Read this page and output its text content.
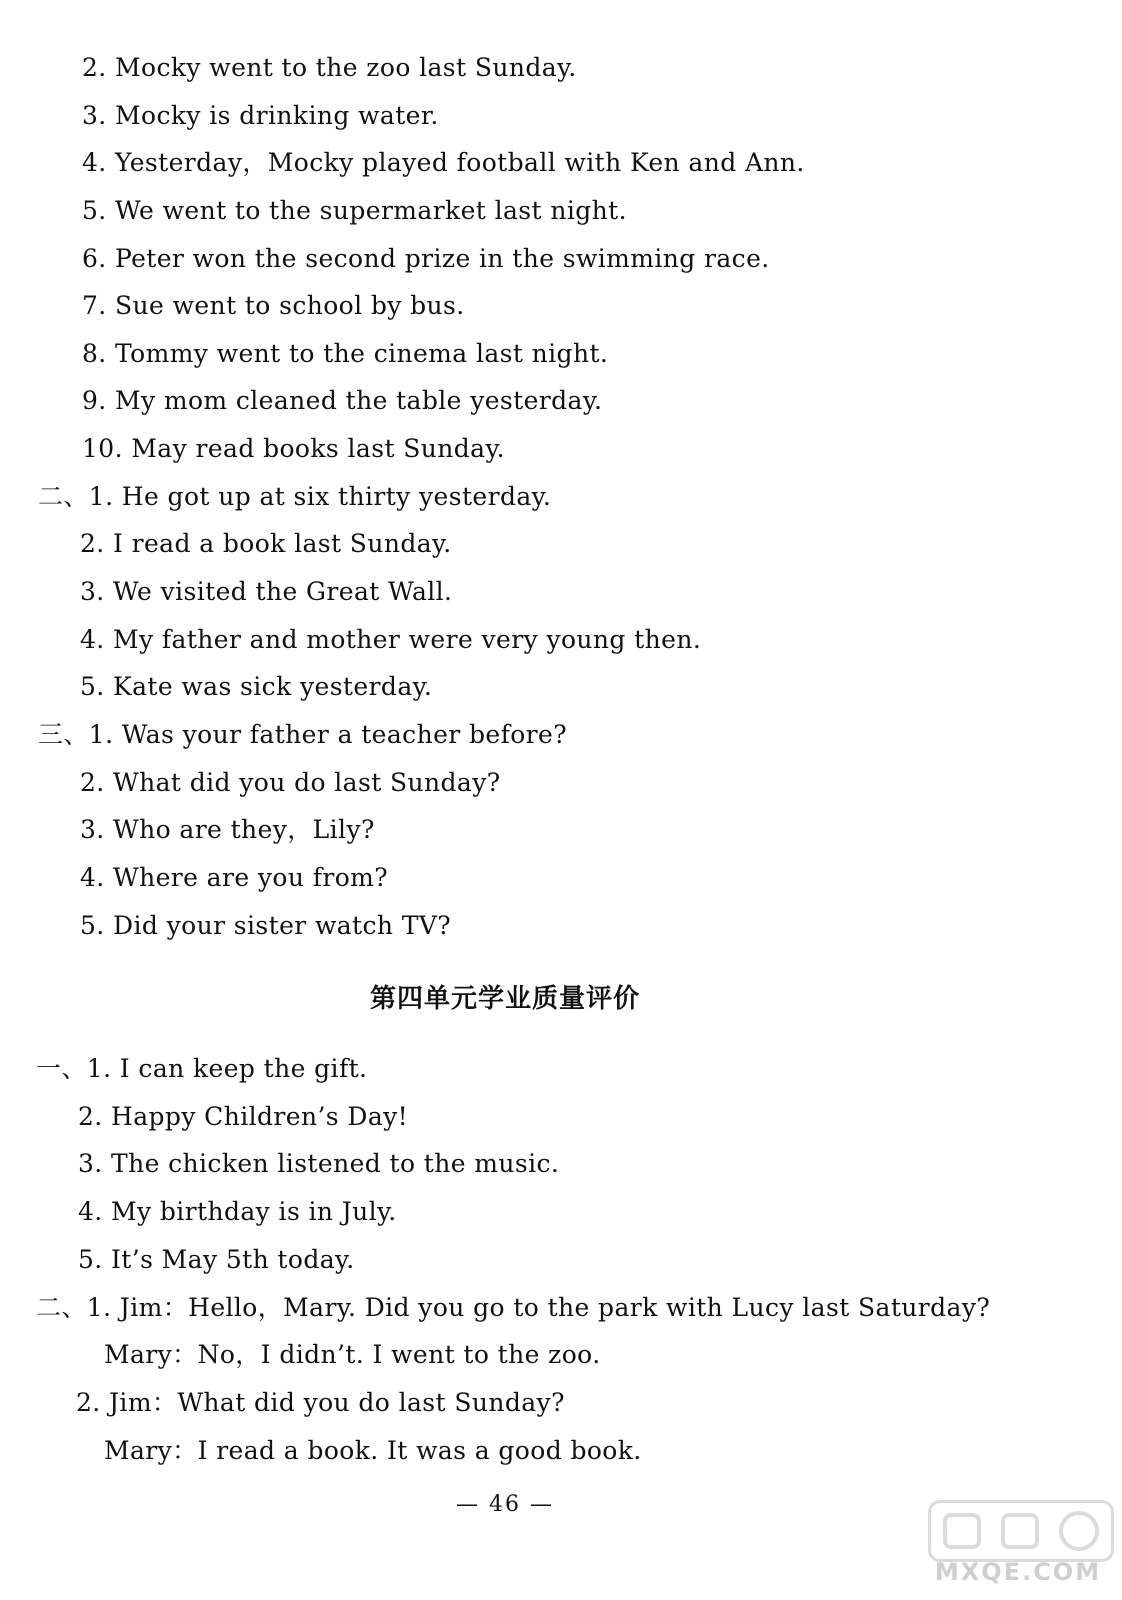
2. Mocky went to the zoo last Sunday.
3. Mocky is drinking water.
4. Yesterday，Mocky played football with Ken and Ann.
5. We went to the supermarket last night.
6. Peter won the second prize in the swimming race.
7. Sue went to school by bus.
8. Tommy went to the cinema last night.
9. My mom cleaned the table yesterday.
10. May read books last Sunday.
二、1. He got up at six thirty yesterday.
2. I read a book last Sunday.
3. We visited the Great Wall.
4. My father and mother were very young then.
5. Kate was sick yesterday.
三、1. Was your father a teacher before?
2. What did you do last Sunday?
3. Who are they，Lily?
4. Where are you from?
5. Did your sister watch TV?
第四单元学业质量评价
一、1. I can keep the gift.
2. Happy Children’s Day!
3. The chicken listened to the music.
4. My birthday is in July.
5. It’s May 5th today.
二、1. Jim：Hello，Mary. Did you go to the park with Lucy last Saturday?
Mary：No，I didn’t. I went to the zoo.
2. Jim：What did you do last Sunday?
Mary：I read a book. It was a good book.
— 46 —
MXQE.COM
